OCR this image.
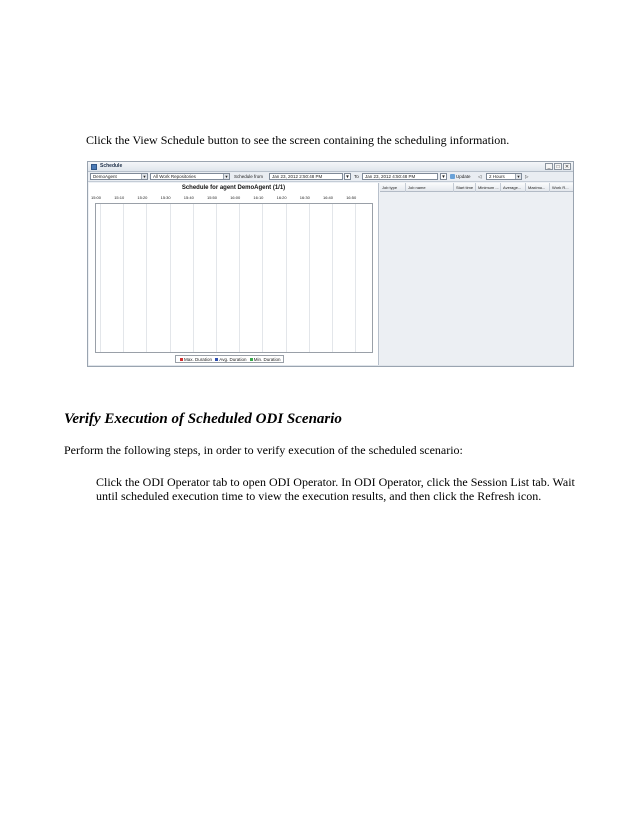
Click the View Schedule button to see the screen containing the scheduling information.

Schedule	_	□	✕
DemoAgent	▼	All Work Repositories	▼ Schedule from	Jan 23, 2012 2:50:48 PM	▼ To	Jan 23, 2012 4:50:48 PM	▼	Update ◁	2 Hours	▼ ▷
Schedule for agent DemoAgent (1/1)
15:00	15:10	15:20	15:30	15:40	15:50	16:00	16:10	16:20	16:30	16:40	16:50
Max. Duration Avg. Duration Min. Duration
Job type	Job name	Start time	Minimum ...	Average...	Maximu...	Work R...
Verify Execution of Scheduled ODI Scenario

Perform the following steps, in order to verify execution of the scheduled scenario:

Click the ODI Operator tab to open ODI Operator. In ODI Operator, click the Session List tab. Wait until scheduled execution time to view the execution results, and then click the Refresh icon.
